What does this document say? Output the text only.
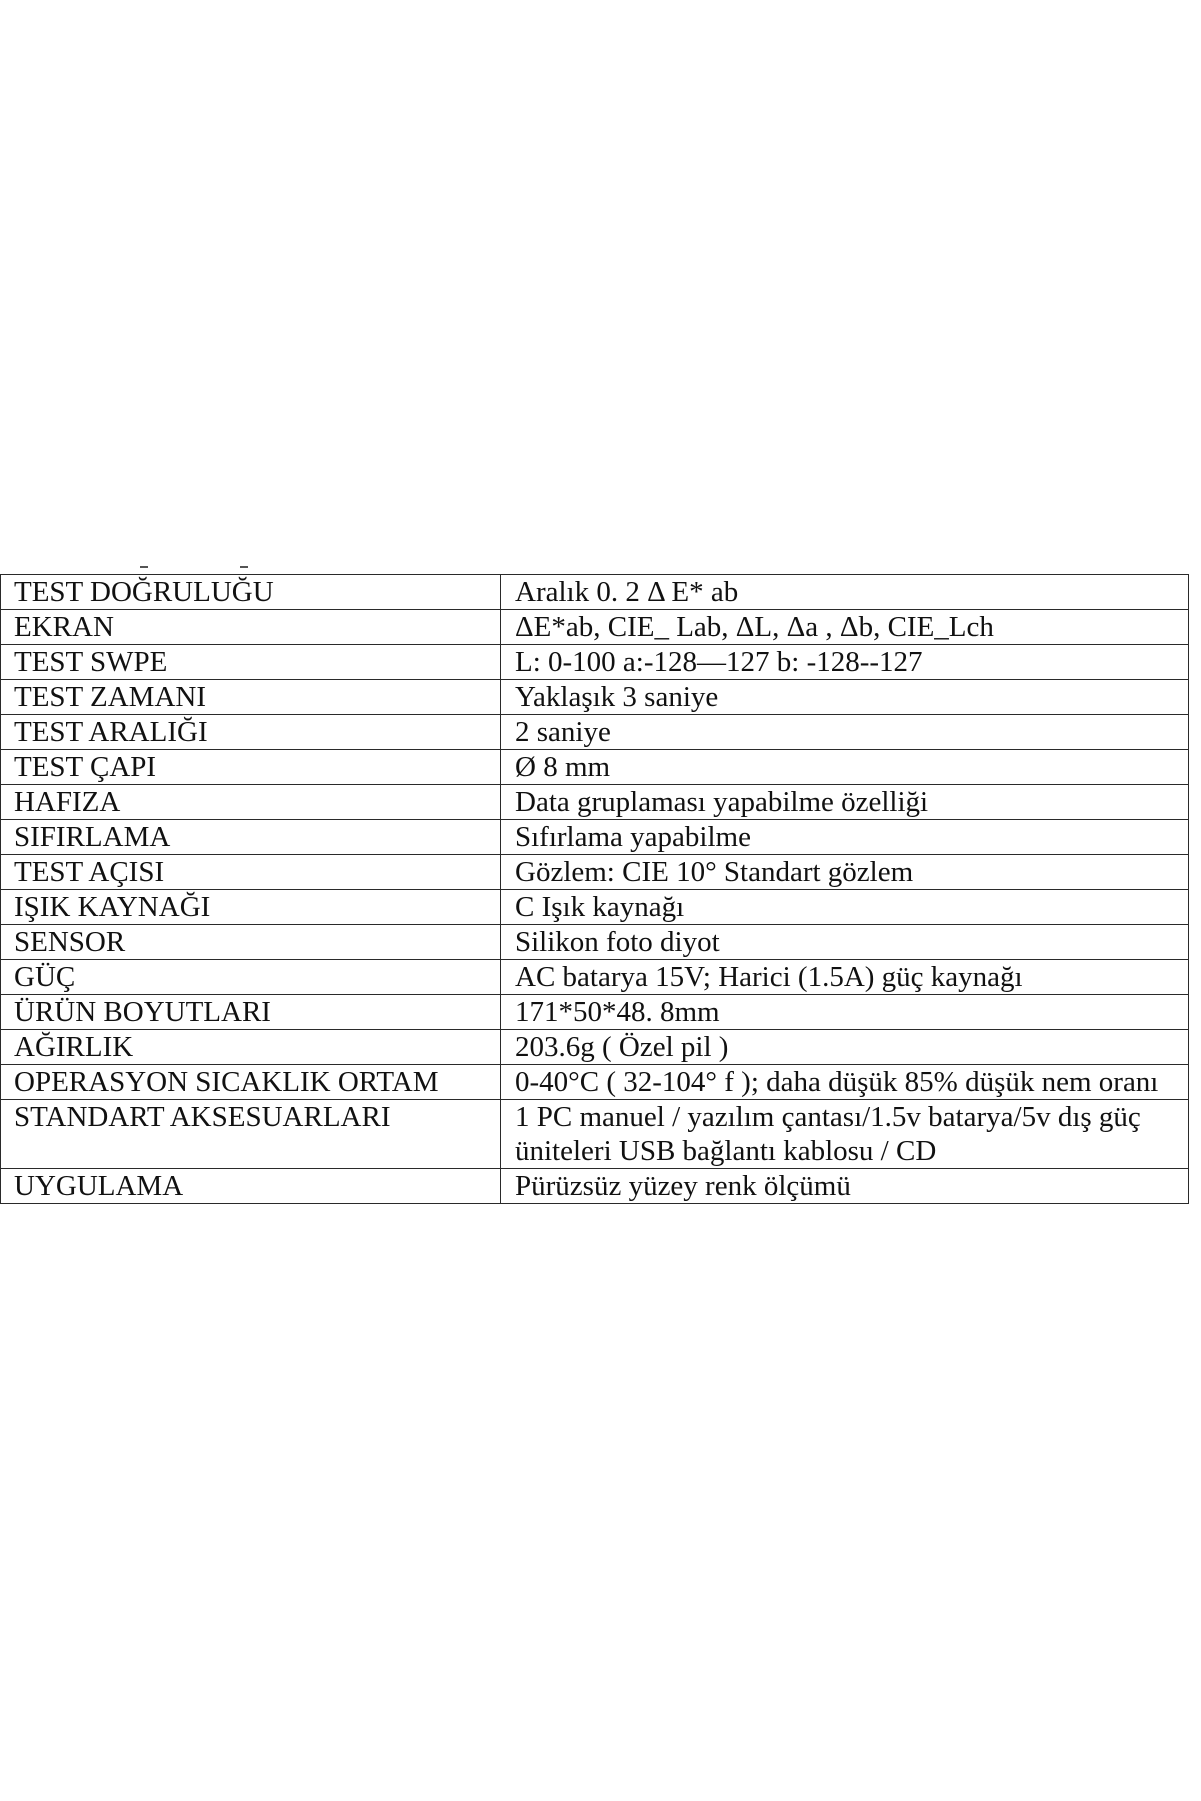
TEST DOĞRULUĞU	Aralık 0. 2 Δ E* ab
EKRAN	ΔE*ab, CIE_ Lab, ΔL, Δa , Δb, CIE_Lch
TEST SWPE	L: 0-100 a:-128—127 b: -128--127
TEST ZAMANI	Yaklaşık 3 saniye
TEST ARALIĞI	2 saniye
TEST ÇAPI	Ø 8 mm
HAFIZA	Data gruplaması yapabilme özelliği
SIFIRLAMA	Sıfırlama yapabilme
TEST AÇISI	Gözlem: CIE 10° Standart gözlem
IŞIK KAYNAĞI	C Işık kaynağı
SENSOR	Silikon foto diyot
GÜÇ	AC batarya 15V; Harici (1.5A) güç kaynağı
ÜRÜN BOYUTLARI	171*50*48. 8mm
AĞIRLIK	203.6g ( Özel pil )
OPERASYON SICAKLIK ORTAM	0-40°C ( 32-104° f ); daha düşük 85% düşük nem oranı
STANDART AKSESUARLARI	1 PC manuel / yazılım çantası/1.5v batarya/5v dış güç
üniteleri USB bağlantı kablosu / CD

UYGULAMA	Pürüzsüz yüzey renk ölçümü
